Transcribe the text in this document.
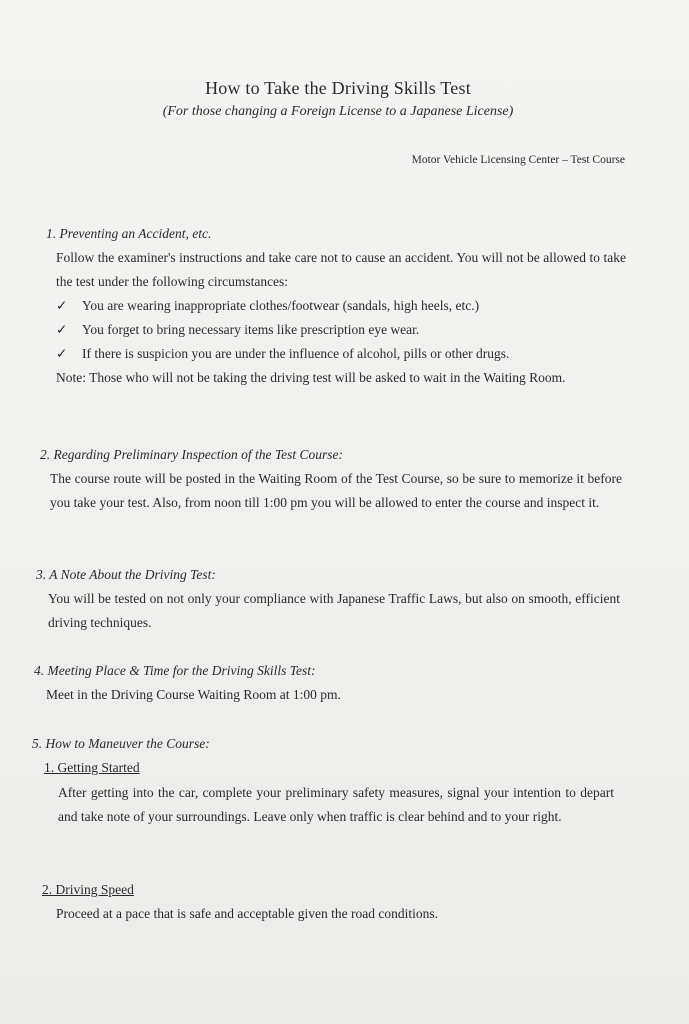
How to Take the Driving Skills Test
(For those changing a Foreign License to a Japanese License)
Motor Vehicle Licensing Center – Test Course
1. Preventing an Accident, etc.

Follow the examiner's instructions and take care not to cause an accident. You will not be allowed to take the test under the following circumstances:

✓	You are wearing inappropriate clothes/footwear (sandals, high heels, etc.)
✓	You forget to bring necessary items like prescription eye wear.
✓	If there is suspicion you are under the influence of alcohol, pills or other drugs.

Note: Those who will not be taking the driving test will be asked to wait in the Waiting Room.

2. Regarding Preliminary Inspection of the Test Course:

The course route will be posted in the Waiting Room of the Test Course, so be sure to memorize it before you take your test. Also, from noon till 1:00 pm you will be allowed to enter the course and inspect it.

3. A Note About the Driving Test:

You will be tested on not only your compliance with Japanese Traffic Laws, but also on smooth, efficient driving techniques.

4. Meeting Place & Time for the Driving Skills Test:

Meet in the Driving Course Waiting Room at 1:00 pm.

5. How to Maneuver the Course:
1. Getting Started

After getting into the car, complete your preliminary safety measures, signal your intention to depart and take note of your surroundings. Leave only when traffic is clear behind and to your right.

2. Driving Speed

Proceed at a pace that is safe and acceptable given the road conditions.
